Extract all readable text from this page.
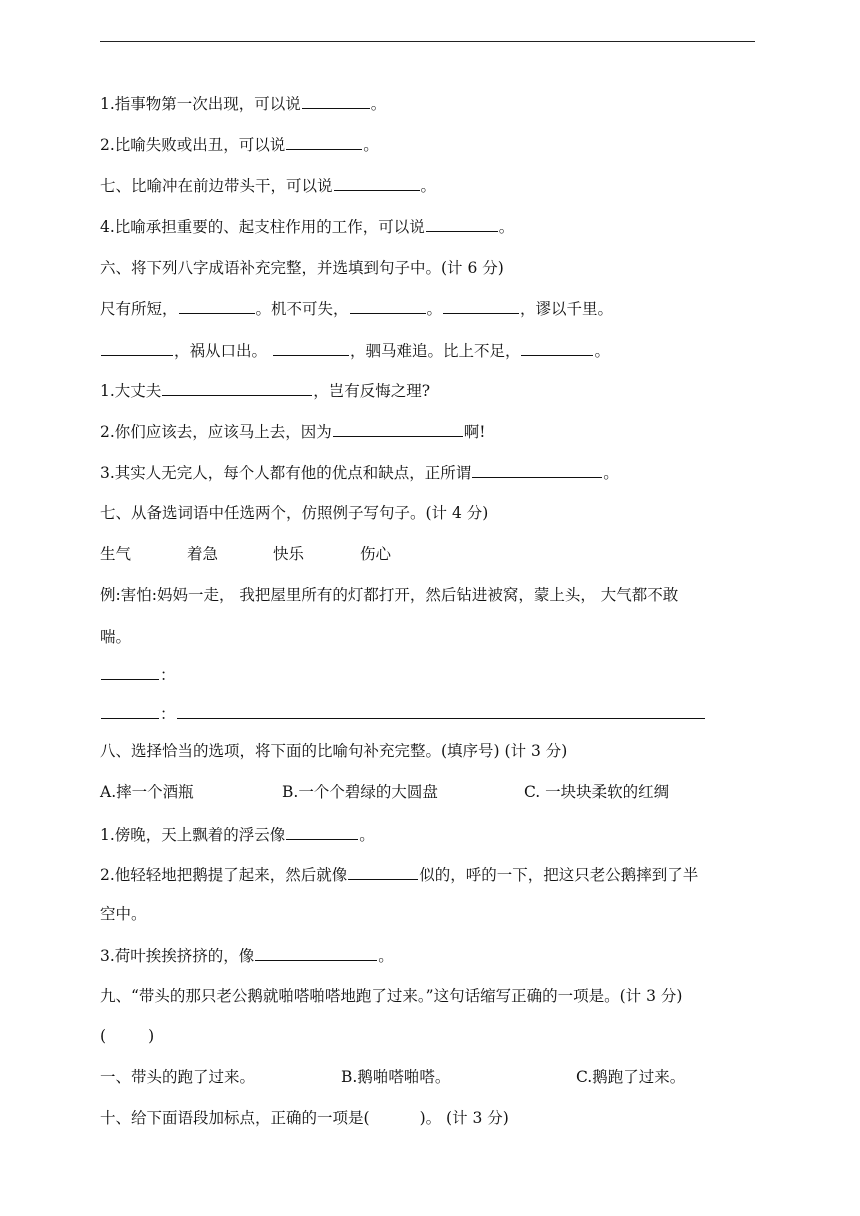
1.指事物第一次出现，可以说	。
2.比喻失败或出丑，可以说	。
七、比喻冲在前边带头干，可以说	。
4.比喻承担重要的、起支柱作用的工作，可以说	。
六、将下列八字成语补充完整，并选填到句子中。(计 6 分)
尺有所短，	。机不可失，	。	，谬以千里。
，祸从口出。	，驷马难追。比上不足，	。
1.大丈夫	，岂有反悔之理?
2.你们应该去，应该马上去，因为	啊!
3.其实人无完人，每个人都有他的优点和缺点，正所谓	。
七、从备选词语中任选两个，仿照例子写句子。(计 4 分)
生气	着急	快乐	伤心
例:害怕:妈妈一走， 我把屋里所有的灯都打开，然后钻进被窝，蒙上头， 大气都不敢
喘。
：
：
八、选择恰当的选项，将下面的比喻句补充完整。(填序号) (计 3 分)
A.摔一个酒瓶	B.一个个碧绿的大圆盘	C. 一块块柔软的红绸
1.傍晚，天上飘着的浮云像	。
2.他轻轻地把鹅提了起来，然后就像	似的，呼的一下，把这只老公鹅摔到了半
空中。
3.荷叶挨挨挤挤的，像	。
九、“带头的那只老公鹅就啪嗒啪嗒地跑了过来。”这句话缩写正确的一项是。(计 3 分)
(	)
一、带头的跑了过来。	B.鹅啪嗒啪嗒。	C.鹅跑了过来。
十、给下面语段加标点，正确的一项是(	)。 (计 3 分)
